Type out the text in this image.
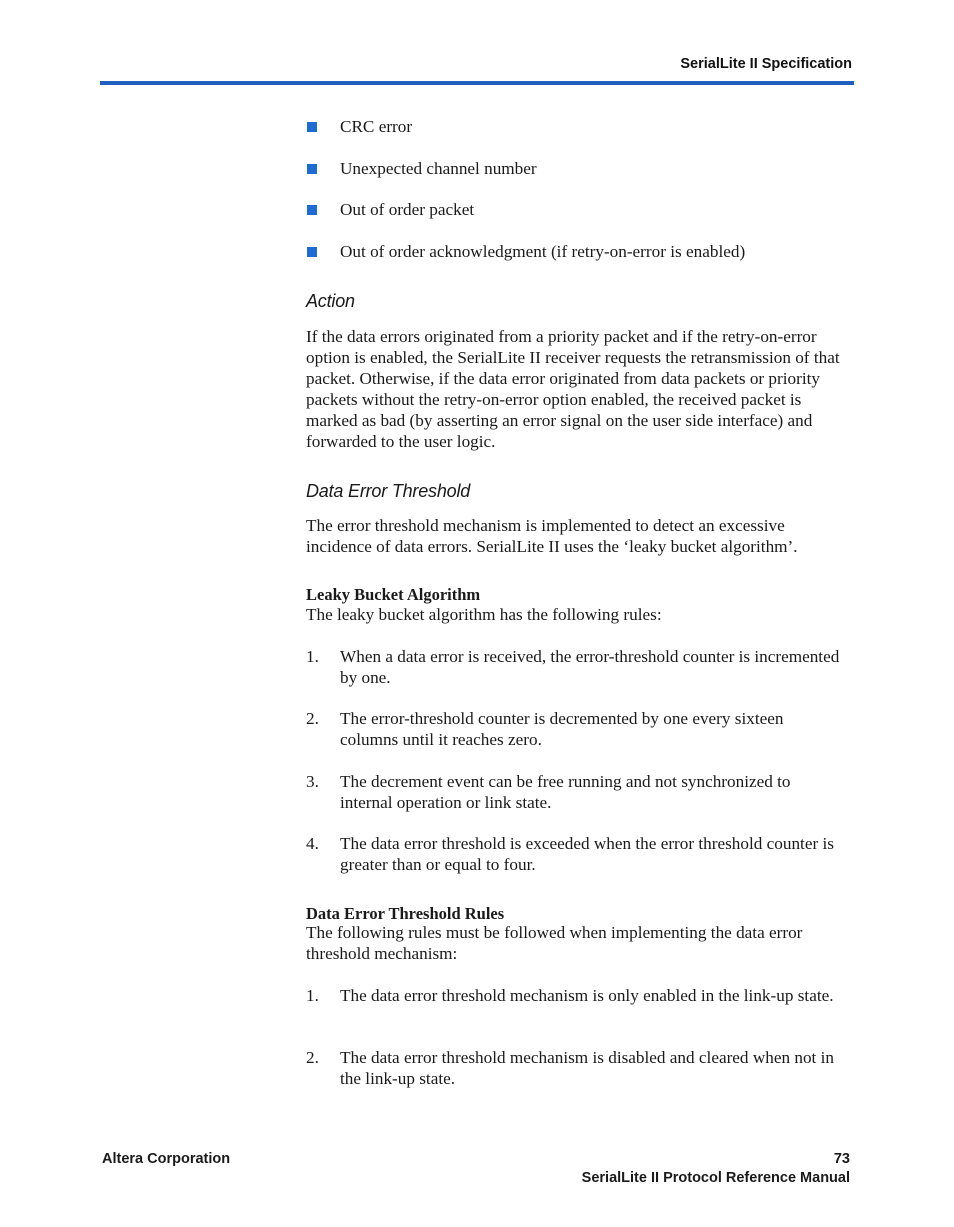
SerialLite II Specification
CRC error
Unexpected channel number
Out of order packet
Out of order acknowledgment (if retry-on-error is enabled)
Action

If the data errors originated from a priority packet and if the retry-on-error option is enabled, the SerialLite II receiver requests the retransmission of that packet. Otherwise, if the data error originated from data packets or priority packets without the retry-on-error option enabled, the received packet is marked as bad (by asserting an error signal on the user side interface) and forwarded to the user logic.

Data Error Threshold

The error threshold mechanism is implemented to detect an excessive incidence of data errors. SerialLite II uses the ‘leaky bucket algorithm’.

Leaky Bucket Algorithm

The leaky bucket algorithm has the following rules:

1. When a data error is received, the error-threshold counter is incremented by one.
2. The error-threshold counter is decremented by one every sixteen columns until it reaches zero.
3. The decrement event can be free running and not synchronized to internal operation or link state.
4. The data error threshold is exceeded when the error threshold counter is greater than or equal to four.
Data Error Threshold Rules

The following rules must be followed when implementing the data error threshold mechanism:

1. The data error threshold mechanism is only enabled in the link-up state.
2. The data error threshold mechanism is disabled and cleared when not in the link-up state.
Altera Corporation	73
SerialLite II Protocol Reference Manual
